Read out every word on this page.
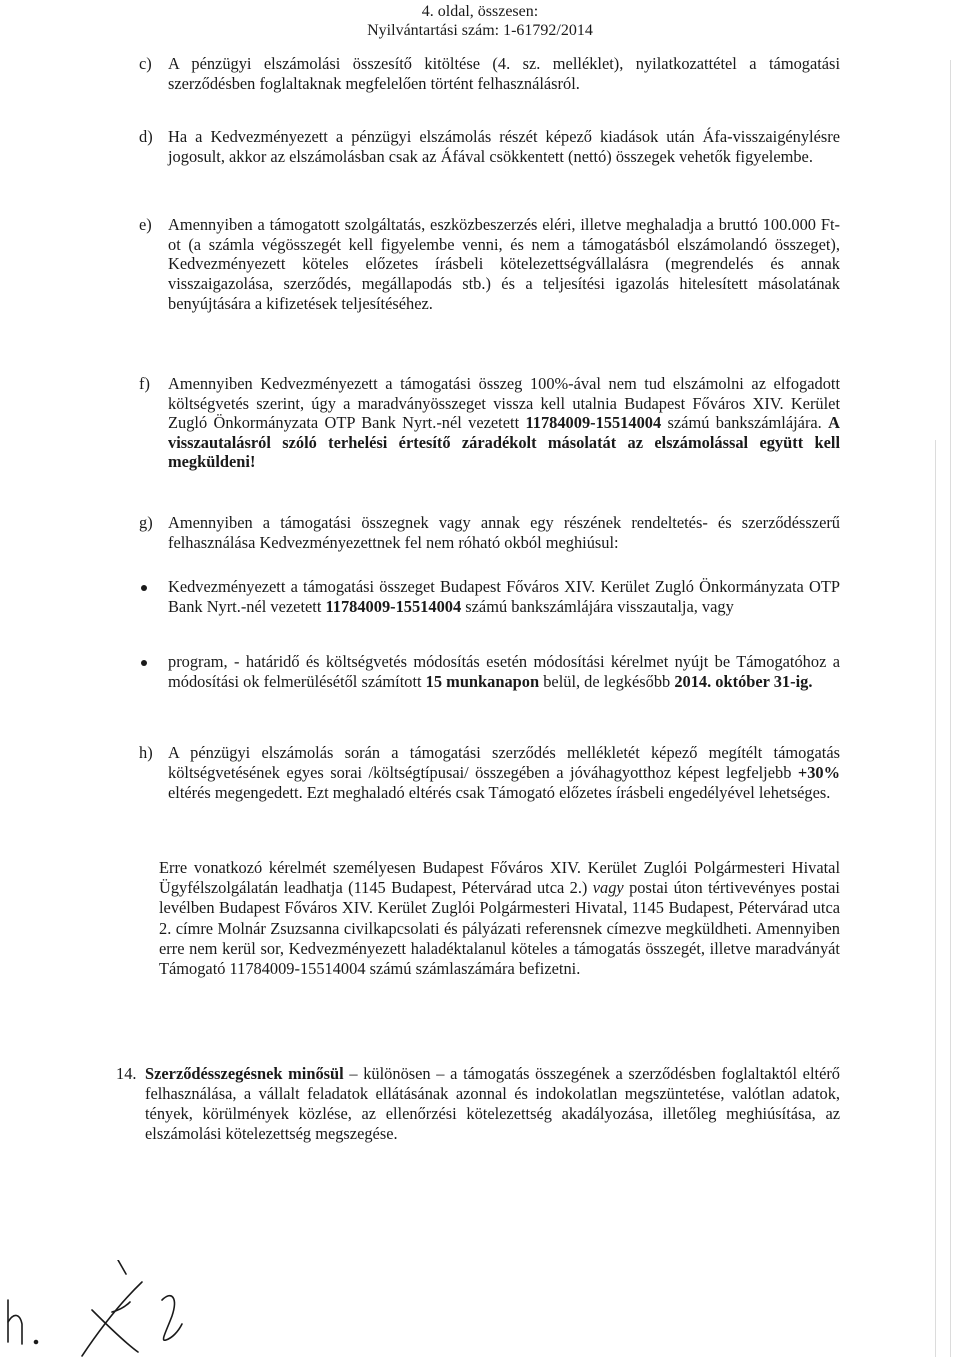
4. oldal, összesen:
Nyilvántartási szám: 1-61792/2014
c) A pénzügyi elszámolási összesítő kitöltése (4. sz. melléklet), nyilatkozattétel a támogatási szerződésben foglaltaknak megfelelően történt felhasználásról.
d) Ha a Kedvezményezett a pénzügyi elszámolás részét képező kiadások után Áfa-visszaigénylésre jogosult, akkor az elszámolásban csak az Áfával csökkentett (nettó) összegek vehetők figyelembe.
e) Amennyiben a támogatott szolgáltatás, eszközbeszerzés eléri, illetve meghaladja a bruttó 100.000 Ft-ot (a számla végösszegét kell figyelembe venni, és nem a támogatásból elszámolandó összeget), Kedvezményezett köteles előzetes írásbeli kötelezettségvállalásra (megrendelés és annak visszaigazolása, szerződés, megállapodás stb.) és a teljesítési igazolás hitelesített másolatának benyújtására a kifizetések teljesítéséhez.
f) Amennyiben Kedvezményezett a támogatási összeg 100%-ával nem tud elszámolni az elfogadott költségvetés szerint, úgy a maradványösszeget vissza kell utalnia Budapest Főváros XIV. Kerület Zugló Önkormányzata OTP Bank Nyrt.-nél vezetett 11784009-15514004 számú bankszámlájára. A visszautalásról szóló terhelési értesítő záradékolt másolatát az elszámolással együtt kell megküldeni!
g) Amennyiben a támogatási összegnek vagy annak egy részének rendeltetés- és szerződésszerű felhasználása Kedvezményezettnek fel nem róható okból meghiúsul:
Kedvezményezett a támogatási összeget Budapest Főváros XIV. Kerület Zugló Önkormányzata OTP Bank Nyrt.-nél vezetett 11784009-15514004 számú bankszámlájára visszautalja, vagy
program, - határidő és költségvetés módosítás esetén módosítási kérelmet nyújt be Támogatóhoz a módosítási ok felmerülésétől számított 15 munkanapon belül, de legkésőbb 2014. október 31-ig.
h) A pénzügyi elszámolás során a támogatási szerződés mellékletét képező megítélt támogatás költségvetésének egyes sorai /költségtípusai/ összegében a jóváhagyotthoz képest legfeljebb +30% eltérés megengedett. Ezt meghaladó eltérés csak Támogató előzetes írásbeli engedélyével lehetséges.
Erre vonatkozó kérelmét személyesen Budapest Főváros XIV. Kerület Zuglói Polgármesteri Hivatal Ügyfélszolgálatán leadhatja (1145 Budapest, Pétervárad utca 2.) vagy postai úton tértivevényes postai levélben Budapest Főváros XIV. Kerület Zuglói Polgármesteri Hivatal, 1145 Budapest, Pétervárad utca 2. címre Molnár Zsuzsanna civilkapcsolati és pályázati referensnek címezve megküldheti. Amennyiben erre nem kerül sor, Kedvezményezett haladéktalanul köteles a támogatás összegét, illetve maradványát Támogató 11784009-15514004 számú számlaszámára befizetni.
14. Szerződésszegésnek minősül – különösen – a támogatás összegének a szerződésben foglaltaktól eltérő felhasználása, a vállalt feladatok ellátásának azonnal és indokolatlan megszüntetése, valótlan adatok, tények, körülmények közlése, az ellenőrzési kötelezettség akadályozása, illetőleg meghiúsítása, az elszámolási kötelezettség megszegése.
